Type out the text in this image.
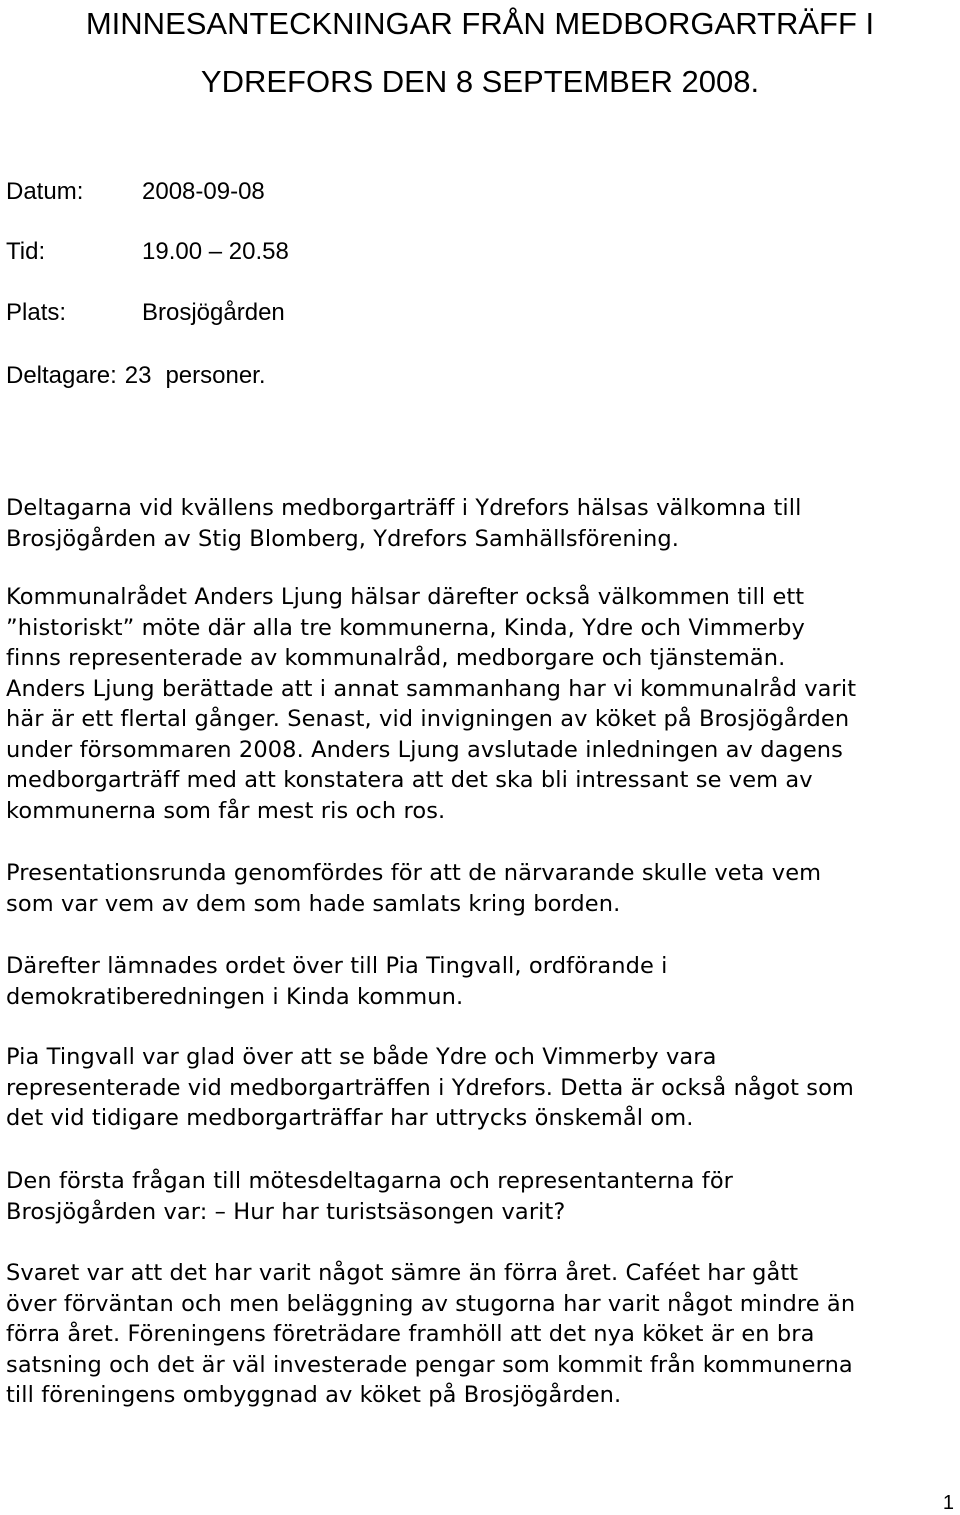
MINNESANTECKNINGAR FRÅN MEDBORGARTRÄFF I
YDREFORS DEN 8 SEPTEMBER 2008.
Datum: 2008-09-08
Tid:	19.00 – 20.58
Plats:	Brosjögården
Deltagare: 23 personer.

Deltagarna vid kvällens medborgarträff i Ydrefors hälsas välkomna till
Brosjögården av Stig Blomberg, Ydrefors Samhällsförening.

Kommunalrådet Anders Ljung hälsar därefter också välkommen till ett
”historiskt” möte där alla tre kommunerna, Kinda, Ydre och Vimmerby
finns representerade av kommunalråd, medborgare och tjänstemän.
Anders Ljung berättade att i annat sammanhang har vi kommunalråd varit
här är ett flertal gånger. Senast, vid invigningen av köket på Brosjögården
under försommaren 2008. Anders Ljung avslutade inledningen av dagens
medborgarträff med att konstatera att det ska bli intressant se vem av
kommunerna som får mest ris och ros.

Presentationsrunda genomfördes för att de närvarande skulle veta vem
som var vem av dem som hade samlats kring borden.

Därefter lämnades ordet över till Pia Tingvall, ordförande i
demokratiberedningen i Kinda kommun.

Pia Tingvall var glad över att se både Ydre och Vimmerby vara
representerade vid medborgarträffen i Ydrefors. Detta är också något som
det vid tidigare medborgarträffar har uttrycks önskemål om.

Den första frågan till mötesdeltagarna och representanterna för
Brosjögården var: – Hur har turistsäsongen varit?

Svaret var att det har varit något sämre än förra året. Caféet har gått
över förväntan och men beläggning av stugorna har varit något mindre än
förra året. Föreningens företrädare framhöll att det nya köket är en bra
satsning och det är väl investerade pengar som kommit från kommunerna
till föreningens ombyggnad av köket på Brosjögården.

1
